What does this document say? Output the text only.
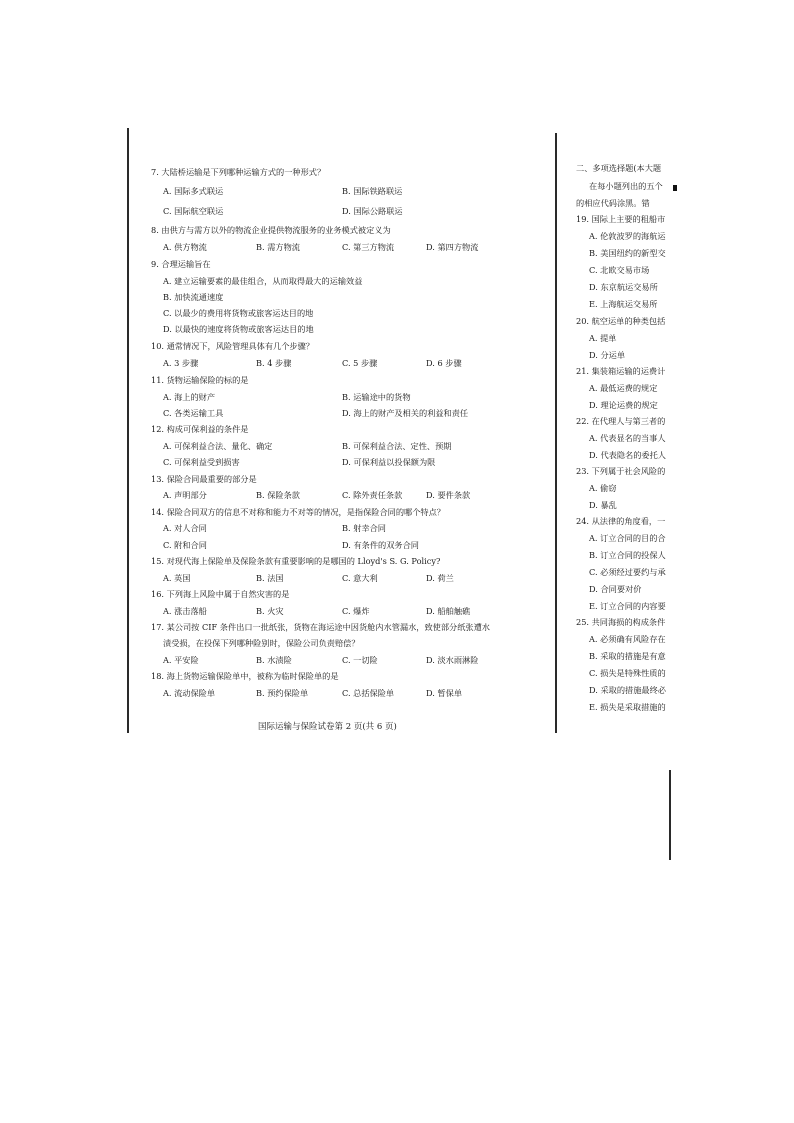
7. 大陆桥运输是下列哪种运输方式的一种形式？
A. 国际多式联运	B. 国际铁路联运
C. 国际航空联运	D. 国际公路联运
8. 由供方与需方以外的物流企业提供物流服务的业务模式被定义为
A. 供方物流	B. 需方物流	C. 第三方物流	D. 第四方物流
9. 合理运输旨在
A. 建立运输要素的最佳组合，从而取得最大的运输效益
B. 加快流通速度
C. 以最少的费用将货物或旅客运达目的地
D. 以最快的速度将货物或旅客运达目的地
10. 通常情况下，风险管理具体有几个步骤？
A. 3 步骤	B. 4 步骤	C. 5 步骤	D. 6 步骤
11. 货物运输保险的标的是
A. 海上的财产	B. 运输途中的货物
C. 各类运输工具	D. 海上的财产及相关的利益和责任
12. 构成可保利益的条件是
A. 可保利益合法、量化、确定	B. 可保利益合法、定性、预期
C. 可保利益受到损害	D. 可保利益以投保额为限
13. 保险合同最重要的部分是
A. 声明部分	B. 保险条款	C. 除外责任条款	D. 要件条款
14. 保险合同双方的信息不对称和能力不对等的情况，是指保险合同的哪个特点？
A. 对人合同	B. 射幸合同
C. 附和合同	D. 有条件的双务合同
15. 对现代海上保险单及保险条款有重要影响的是哪国的 Lloyd's S. G. Policy?
A. 英国	B. 法国	C. 意大利	D. 荷兰
16. 下列海上风险中属于自然灾害的是
A. 涨击落船	B. 火灾	C. 爆炸	D. 船舶触礁
17. 某公司按 CIF 条件出口一批纸张，货物在海运途中因货舱内水管漏水，致使部分纸张遭水
渍受损，在投保下列哪种险别时，保险公司负责赔偿？
A. 平安险	B. 水渍险	C. 一切险	D. 淡水雨淋险
18. 海上货物运输保险单中，被称为临时保险单的是
A. 流动保险单	B. 预约保险单	C. 总括保险单	D. 暂保单
国际运输与保险试卷第 2 页(共 6 页)
二、多项选择题(本大题
在每小题列出的五个
的相应代码涂黑。错
19. 国际上主要的租船市
A. 伦敦波罗的海航运
B. 美国纽约的新型交
C. 北欧交易市场
D. 东京航运交易所
E. 上海航运交易所
20. 航空运单的种类包括
A. 提单
D. 分运单
21. 集装箱运输的运费计
A. 最低运费的规定
D. 理论运费的规定
22. 在代理人与第三者的
A. 代表显名的当事人
D. 代表隐名的委托人
23. 下列属于社会风险的
A. 偷窃
D. 暴乱
24. 从法律的角度看，一
A. 订立合同的目的合
B. 订立合同的投保人
C. 必须经过要约与承
D. 合同要对价
E. 订立合同的内容要
25. 共同海损的构成条件
A. 必须确有风险存在
B. 采取的措施是有意
C. 损失是特殊性质的
D. 采取的措施最终必
E. 损失是采取措施的
